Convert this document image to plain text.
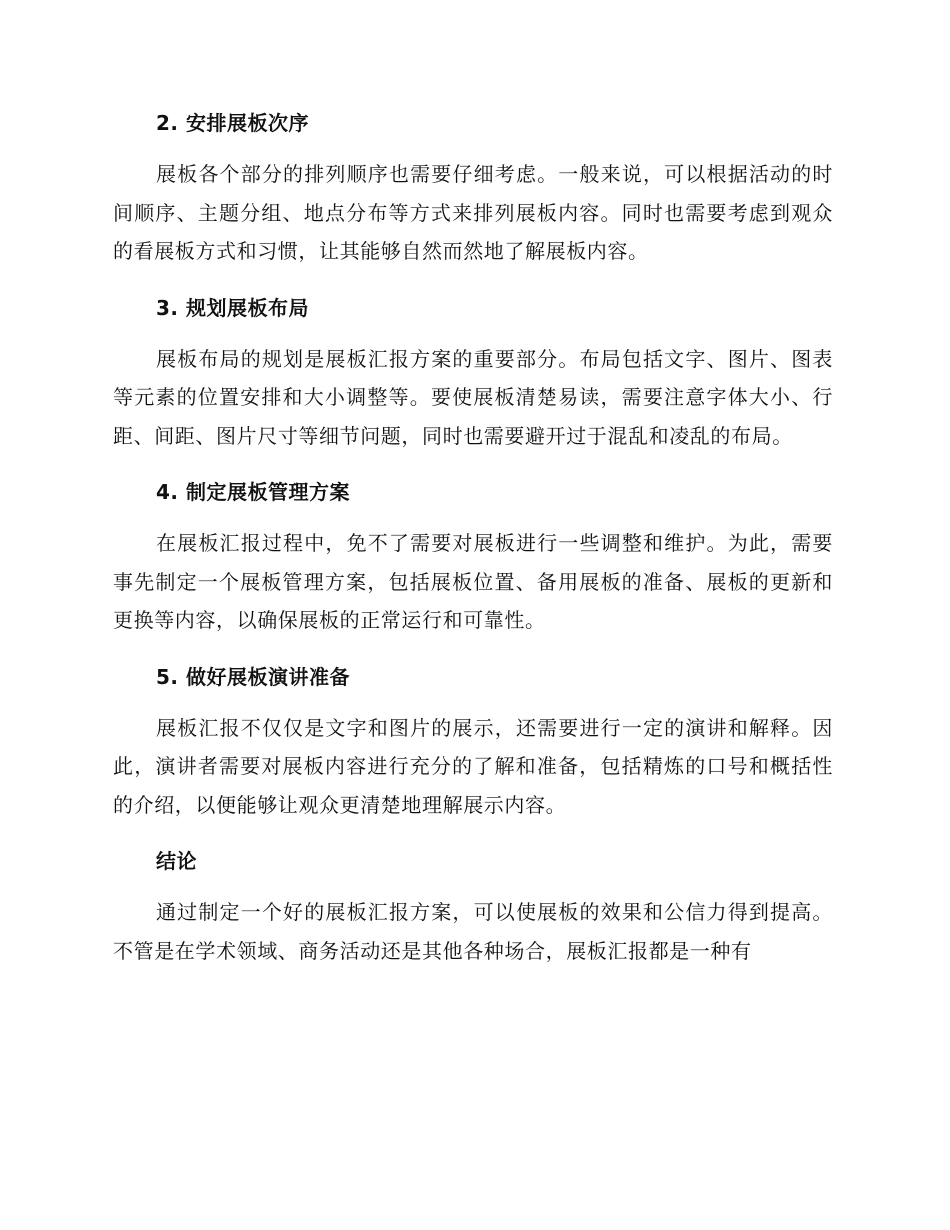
2. 安排展板次序

展板各个部分的排列顺序也需要仔细考虑。一般来说，可以根据活动的时间顺序、主题分组、地点分布等方式来排列展板内容。同时也需要考虑到观众的看展板方式和习惯，让其能够自然而然地了解展板内容。

3. 规划展板布局

展板布局的规划是展板汇报方案的重要部分。布局包括文字、图片、图表等元素的位置安排和大小调整等。要使展板清楚易读，需要注意字体大小、行距、间距、图片尺寸等细节问题，同时也需要避开过于混乱和凌乱的布局。

4. 制定展板管理方案

在展板汇报过程中，免不了需要对展板进行一些调整和维护。为此，需要事先制定一个展板管理方案，包括展板位置、备用展板的准备、展板的更新和更换等内容，以确保展板的正常运行和可靠性。

5. 做好展板演讲准备

展板汇报不仅仅是文字和图片的展示，还需要进行一定的演讲和解释。因此，演讲者需要对展板内容进行充分的了解和准备，包括精炼的口号和概括性的介绍，以便能够让观众更清楚地理解展示内容。

结论

通过制定一个好的展板汇报方案，可以使展板的效果和公信力得到提高。不管是在学术领域、商务活动还是其他各种场合，展板汇报都是一种有
